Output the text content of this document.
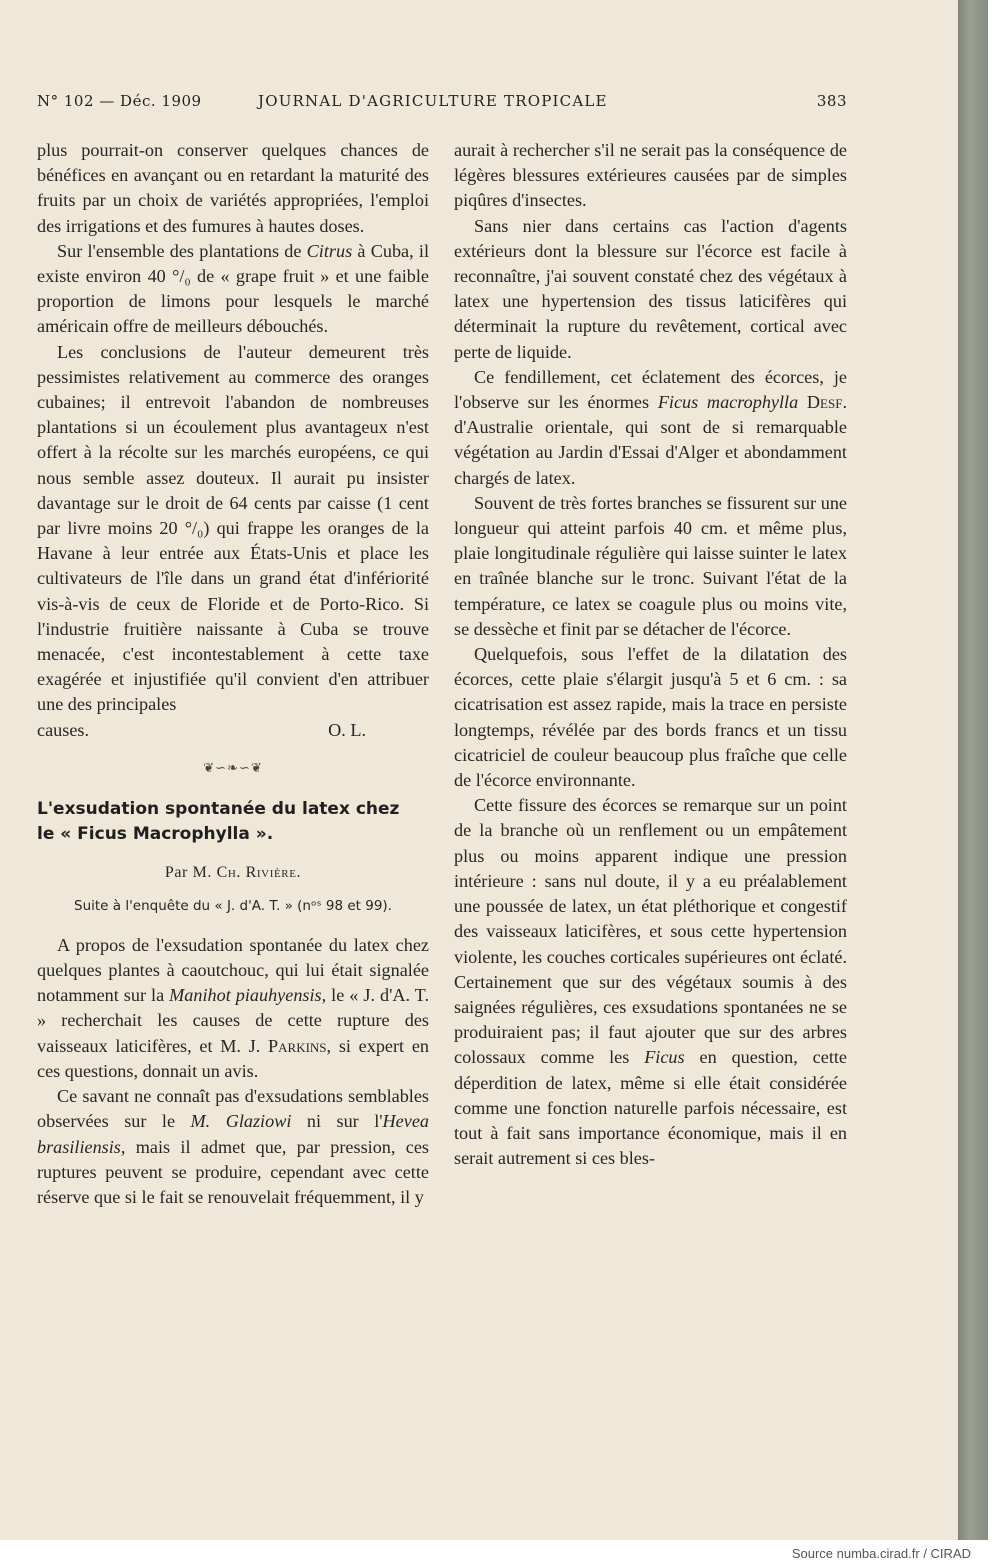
N° 102 — Déc. 1909	JOURNAL D'AGRICULTURE TROPICALE	383

plus pourrait-on conserver quelques chances de bénéfices en avançant ou en retardant la maturité des fruits par un choix de variétés appropriées, l'emploi des irrigations et des fumures à hautes doses.

Sur l'ensemble des plantations de Citrus à Cuba, il existe environ 40 °/₀ de « grape fruit » et une faible proportion de limons pour lesquels le marché américain offre de meilleurs débouchés.

Les conclusions de l'auteur demeurent très pessimistes relativement au commerce des oranges cubaines; il entrevoit l'abandon de nombreuses plantations si un écoulement plus avantageux n'est offert à la récolte sur les marchés européens, ce qui nous semble assez douteux. Il aurait pu insister davantage sur le droit de 64 cents par caisse (1 cent par livre moins 20 °/₀) qui frappe les oranges de la Havane à leur entrée aux États-Unis et place les cultivateurs de l'île dans un grand état d'infériorité vis-à-vis de ceux de Floride et de Porto-Rico. Si l'industrie fruitière naissante à Cuba se trouve menacée, c'est incontestablement à cette taxe exagérée et injustifiée qu'il convient d'en attribuer une des principales

causes.	O. L.
❦∽❧∽❦

L'exsudation spontanée du latex chez
le « Ficus Macrophylla ».

Par M. Ch. Rivière.
Suite à l'enquête du « J. d'A. T. » (nᵒˢ 98 et 99).

A propos de l'exsudation spontanée du latex chez quelques plantes à caoutchouc, qui lui était signalée notamment sur la Manihot piauhyensis, le « J. d'A. T. » recherchait les causes de cette rupture des vaisseaux laticifères, et M. J. Parkins, si expert en ces questions, donnait un avis.

Ce savant ne connaît pas d'exsudations semblables observées sur le M. Glaziowi ni sur l'Hevea brasiliensis, mais il admet que, par pression, ces ruptures peuvent se produire, cependant avec cette réserve que si le fait se renouvelait fréquemment, il y

aurait à rechercher s'il ne serait pas la conséquence de légères blessures extérieures causées par de simples piqûres d'insectes.

Sans nier dans certains cas l'action d'agents extérieurs dont la blessure sur l'écorce est facile à reconnaître, j'ai souvent constaté chez des végétaux à latex une hypertension des tissus laticifères qui déterminait la rupture du revêtement, cortical avec perte de liquide.

Ce fendillement, cet éclatement des écorces, je l'observe sur les énormes Ficus macrophylla Desf. d'Australie orientale, qui sont de si remarquable végétation au Jardin d'Essai d'Alger et abondamment chargés de latex.

Souvent de très fortes branches se fissurent sur une longueur qui atteint parfois 40 cm. et même plus, plaie longitudinale régulière qui laisse suinter le latex en traînée blanche sur le tronc. Suivant l'état de la température, ce latex se coagule plus ou moins vite, se dessèche et finit par se détacher de l'écorce.

Quelquefois, sous l'effet de la dilatation des écorces, cette plaie s'élargit jusqu'à 5 et 6 cm. : sa cicatrisation est assez rapide, mais la trace en persiste longtemps, révélée par des bords francs et un tissu cicatriciel de couleur beaucoup plus fraîche que celle de l'écorce environnante.

Cette fissure des écorces se remarque sur un point de la branche où un renflement ou un empâtement plus ou moins apparent indique une pression intérieure : sans nul doute, il y a eu préalablement une poussée de latex, un état pléthorique et congestif des vaisseaux laticifères, et sous cette hypertension violente, les couches corticales supérieures ont éclaté. Certainement que sur des végétaux soumis à des saignées régulières, ces exsudations spontanées ne se produiraient pas; il faut ajouter que sur des arbres colossaux comme les Ficus en question, cette déperdition de latex, même si elle était considérée comme une fonction naturelle parfois nécessaire, est tout à fait sans importance économique, mais il en serait autrement si ces bles-

Source numba.cirad.fr / CIRAD
